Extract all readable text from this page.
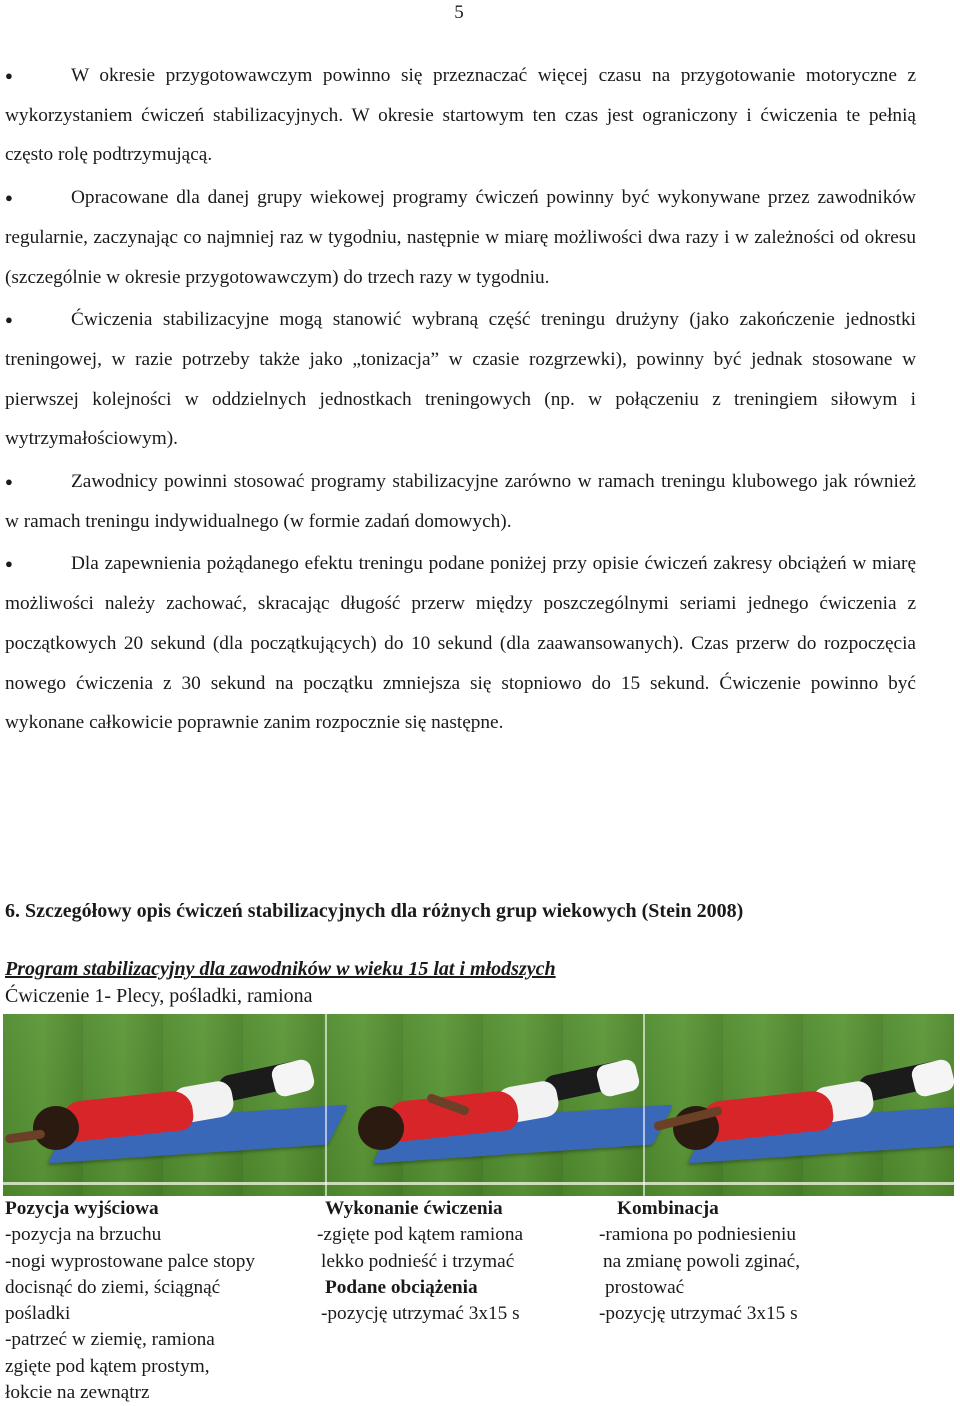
5

●	W okresie przygotowawczym powinno się przeznaczać więcej czasu na przygotowanie motoryczne z wykorzystaniem ćwiczeń stabilizacyjnych. W okresie startowym ten czas jest ograniczony i ćwiczenia te pełnią często rolę podtrzymującą.

●	Opracowane dla danej grupy wiekowej programy ćwiczeń powinny być wykonywane przez zawodników regularnie, zaczynając co najmniej raz w tygodniu, następnie w miarę możliwości dwa razy i w zależności od okresu (szczególnie w okresie przygotowawczym) do trzech razy w tygodniu.

●	Ćwiczenia stabilizacyjne mogą stanowić wybraną część treningu drużyny (jako zakończenie jednostki treningowej, w razie potrzeby także jako „tonizacja” w czasie rozgrzewki), powinny być jednak stosowane w pierwszej kolejności w oddzielnych jednostkach treningowych (np. w połączeniu z treningiem siłowym i wytrzymałościowym).

●	Zawodnicy powinni stosować programy stabilizacyjne zarówno w ramach treningu klubowego jak również w ramach treningu indywidualnego (w formie zadań domowych).

●	Dla zapewnienia pożądanego efektu treningu podane poniżej przy opisie ćwiczeń zakresy obciążeń w miarę możliwości należy zachować, skracając długość przerw między poszczególnymi seriami jednego ćwiczenia z początkowych 20 sekund (dla początkujących) do 10 sekund (dla zaawansowanych). Czas przerw do rozpoczęcia nowego ćwiczenia z 30 sekund na początku zmniejsza się stopniowo do 15 sekund. Ćwiczenie powinno być wykonane całkowicie poprawnie zanim rozpocznie się następne.

6. Szczegółowy opis ćwiczeń stabilizacyjnych dla różnych grup wiekowych (Stein 2008)
Program stabilizacyjny dla zawodników w wieku 15 lat i młodszych
Ćwiczenie 1- Plecy, pośladki, ramiona
Pozycja wyjściowa
-pozycja na brzuchu
-nogi wyprostowane palce stopy
docisnąć do ziemi, ściągnąć
pośladki
-patrzeć w ziemię, ramiona
zgięte pod kątem prostym,
łokcie na zewnątrz
Wykonanie ćwiczenia
-zgięte pod kątem ramiona
lekko podnieść i trzymać
Podane obciążenia
-pozycję utrzymać 3x15 s
Kombinacja
-ramiona po podniesieniu
na zmianę powoli zginać,
prostować
-pozycję utrzymać 3x15 s
